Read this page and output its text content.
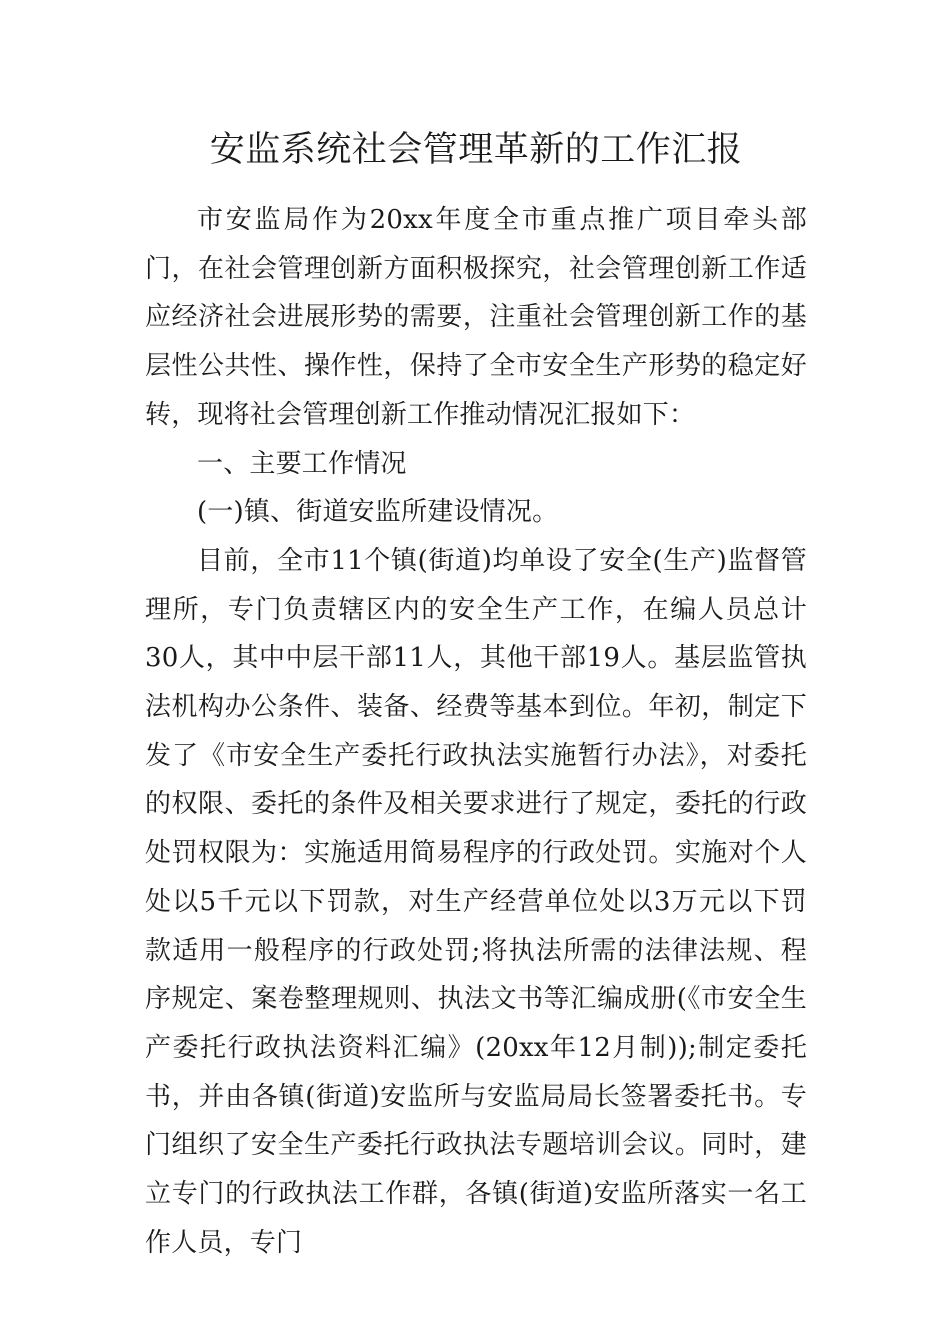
安监系统社会管理革新的工作汇报

市安监局作为20xx年度全市重点推广项目牵头部门，在社会管理创新方面积极探究，社会管理创新工作适应经济社会进展形势的需要，注重社会管理创新工作的基层性公共性、操作性，保持了全市安全生产形势的稳定好转，现将社会管理创新工作推动情况汇报如下：

一、主要工作情况

(一)镇、街道安监所建设情况。

目前，全市11个镇(街道)均单设了安全(生产)监督管理所，专门负责辖区内的安全生产工作，在编人员总计30人，其中中层干部11人，其他干部19人。基层监管执法机构办公条件、装备、经费等基本到位。年初，制定下发了《市安全生产委托行政执法实施暂行办法》，对委托的权限、委托的条件及相关要求进行了规定，委托的行政处罚权限为：实施适用简易程序的行政处罚。实施对个人处以5千元以下罚款，对生产经营单位处以3万元以下罚款适用一般程序的行政处罚;将执法所需的法律法规、程序规定、案卷整理规则、执法文书等汇编成册(《市安全生产委托行政执法资料汇编》(20xx年12月制));制定委托书，并由各镇(街道)安监所与安监局局长签署委托书。专门组织了安全生产委托行政执法专题培训会议。同时，建立专门的行政执法工作群，各镇(街道)安监所落实一名工作人员，专门
